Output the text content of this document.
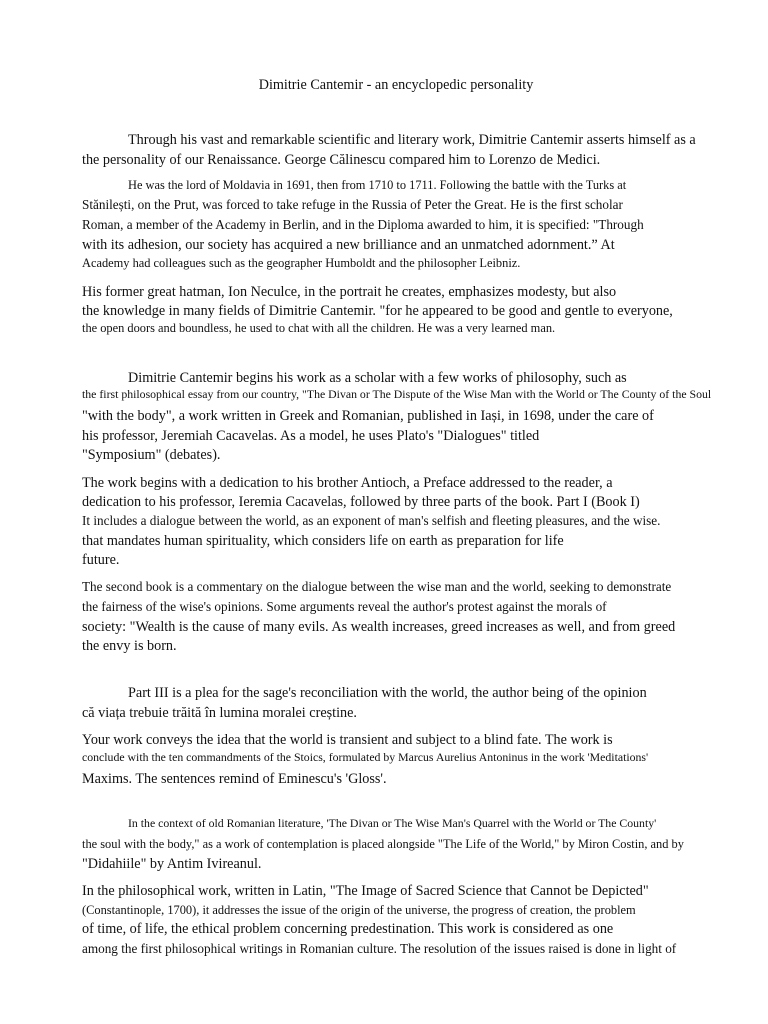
Dimitrie Cantemir - an encyclopedic personality
Through his vast and remarkable scientific and literary work, Dimitrie Cantemir asserts himself as a
the personality of our Renaissance. George Călinescu compared him to Lorenzo de Medici.
He was the lord of Moldavia in 1691, then from 1710 to 1711. Following the battle with the Turks at
Stănilești, on the Prut, was forced to take refuge in the Russia of Peter the Great. He is the first scholar
Roman, a member of the Academy in Berlin, and in the Diploma awarded to him, it is specified: "Through
with its adhesion, our society has acquired a new brilliance and an unmatched adornment.” At
Academy had colleagues such as the geographer Humboldt and the philosopher Leibniz.
His former great hatman, Ion Neculce, in the portrait he creates, emphasizes modesty, but also
the knowledge in many fields of Dimitrie Cantemir. "for he appeared to be good and gentle to everyone,
the open doors and boundless, he used to chat with all the children. He was a very learned man.
Dimitrie Cantemir begins his work as a scholar with a few works of philosophy, such as
the first philosophical essay from our country, "The Divan or The Dispute of the Wise Man with the World or The County of the Soul
"with the body", a work written in Greek and Romanian, published in Iași, in 1698, under the care of
his professor, Jeremiah Cacavelas. As a model, he uses Plato's "Dialogues" titled
"Symposium" (debates).
The work begins with a dedication to his brother Antioch, a Preface addressed to the reader, a
dedication to his professor, Ieremia Cacavelas, followed by three parts of the book. Part I (Book I)
It includes a dialogue between the world, as an exponent of man's selfish and fleeting pleasures, and the wise.
that mandates human spirituality, which considers life on earth as preparation for life
future.
The second book is a commentary on the dialogue between the wise man and the world, seeking to demonstrate
the fairness of the wise's opinions. Some arguments reveal the author's protest against the morals of
society: "Wealth is the cause of many evils. As wealth increases, greed increases as well, and from greed
the envy is born.
Part III is a plea for the sage's reconciliation with the world, the author being of the opinion
că viața trebuie trăită în lumina moralei creștine.
Your work conveys the idea that the world is transient and subject to a blind fate. The work is
conclude with the ten commandments of the Stoics, formulated by Marcus Aurelius Antoninus in the work 'Meditations'
Maxims. The sentences remind of Eminescu's 'Gloss'.
In the context of old Romanian literature, 'The Divan or The Wise Man's Quarrel with the World or The County'
the soul with the body," as a work of contemplation is placed alongside "The Life of the World," by Miron Costin, and by
"Didahiile" by Antim Ivireanul.
In the philosophical work, written in Latin, "The Image of Sacred Science that Cannot be Depicted"
(Constantinople, 1700), it addresses the issue of the origin of the universe, the progress of creation, the problem
of time, of life, the ethical problem concerning predestination. This work is considered as one
among the first philosophical writings in Romanian culture. The resolution of the issues raised is done in light of
